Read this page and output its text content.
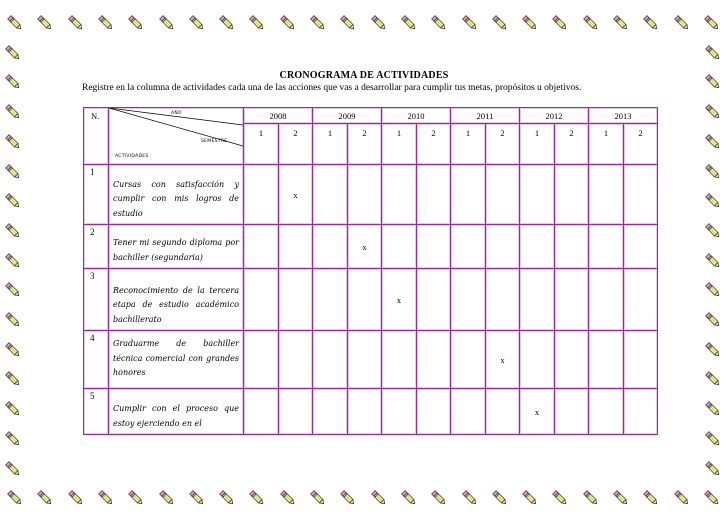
CRONOGRAMA DE ACTIVIDADES
Registre en la columna de actividades cada una de las acciones que vas a desarrollar para cumplir tus metas, propósitos u objetivos.
N.	AÑO
SEMESTRE
ACTIVIDADES	2008		2009		2010		2011		2012		2013	
		1	2	1	2	1	2	1	2	1	2	1	2
1	Cursas con satisfacción y cumplir con mis logros de estudio		x										
2	Tener mi segundo diploma por bachiller (segundaria)				x								
3	Reconocimiento de la tercera etapa de estudio académico bachillerato					x							
4	Graduarme de bachiller técnica comercial con grandes honores								x				
5	Cumplir con el proceso que estoy ejerciendo en el									x			
